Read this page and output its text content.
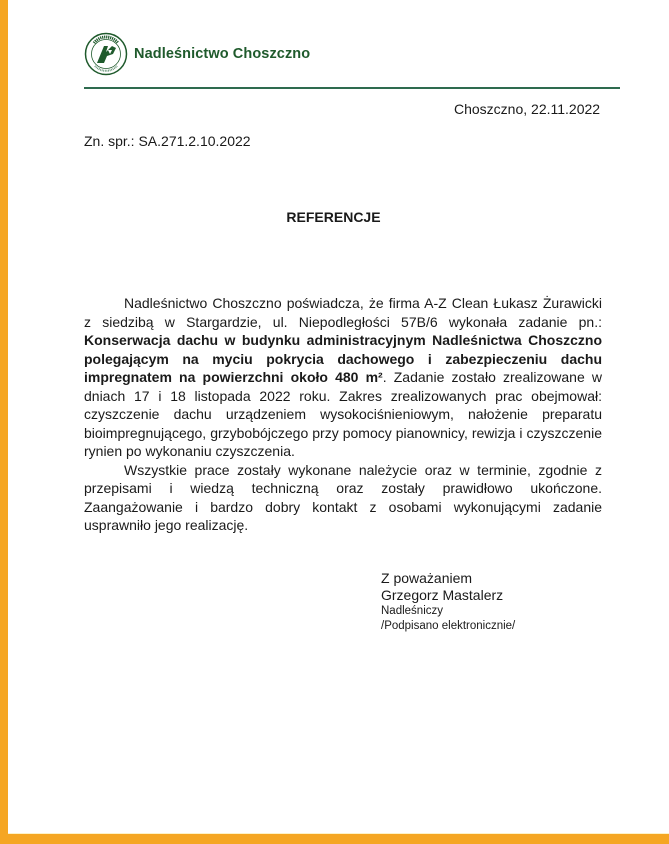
Nadleśnictwo Choszczno
Choszczno, 22.11.2022
Zn. spr.: SA.271.2.10.2022
REFERENCJE

Nadleśnictwo Choszczno poświadcza, że firma A-Z Clean Łukasz Żurawicki z siedzibą w Stargardzie, ul. Niepodległości 57B/6 wykonała zadanie pn.: Konserwacja dachu w budynku administracyjnym Nadleśnictwa Choszczno polegającym na myciu pokrycia dachowego i zabezpieczeniu dachu impregnatem na powierzchni około 480 m². Zadanie zostało zrealizowane w dniach 17 i 18 listopada 2022 roku. Zakres zrealizowanych prac obejmował: czyszczenie dachu urządzeniem wysokociśnieniowym, nałożenie preparatu bioimpregnującego, grzybobójczego przy pomocy pianownicy, rewizja i czyszczenie rynien po wykonaniu czyszczenia.

Wszystkie prace zostały wykonane należycie oraz w terminie, zgodnie z przepisami i wiedzą techniczną oraz zostały prawidłowo ukończone. Zaangażowanie i bardzo dobry kontakt z osobami wykonującymi zadanie usprawniło jego realizację.

Z poważaniem
Grzegorz Mastalerz
Nadleśniczy
/Podpisano elektronicznie/
